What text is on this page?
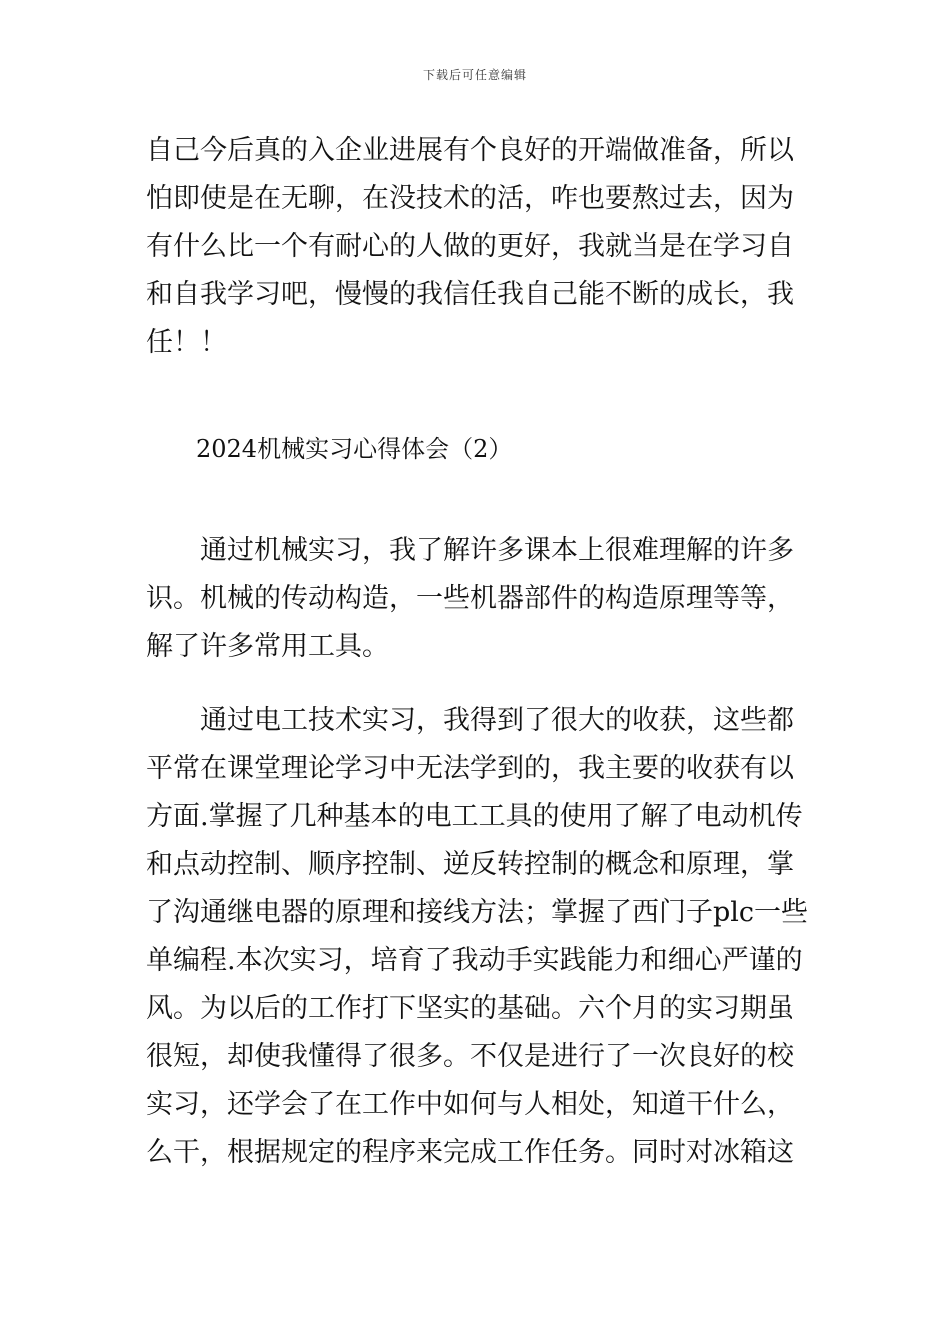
下载后可任意编辑
自己今后真的入企业进展有个良好的开端做准备，所以
怕即使是在无聊，在没技术的活，咋也要熬过去，因为
有什么比一个有耐心的人做的更好，我就当是在学习自
和自我学习吧，慢慢的我信任我自己能不断的成长，我
任！！
2024机械实习心得体会（2）
　　通过机械实习，我了解许多课本上很难理解的许多
识。机械的传动构造，一些机器部件的构造原理等等，
解了许多常用工具。
　　通过电工技术实习，我得到了很大的收获，这些都
平常在课堂理论学习中无法学到的，我主要的收获有以
方面.掌握了几种基本的电工工具的使用了解了电动机传
和点动控制、顺序控制、逆反转控制的概念和原理，掌
了沟通继电器的原理和接线方法；掌握了西门子plc一些
单编程.本次实习，培育了我动手实践能力和细心严谨的
风。为以后的工作打下坚实的基础。六个月的实习期虽
很短，却使我懂得了很多。不仅是进行了一次良好的校
实习，还学会了在工作中如何与人相处，知道干什么，
么干，根据规定的程序来完成工作任务。同时对冰箱这
